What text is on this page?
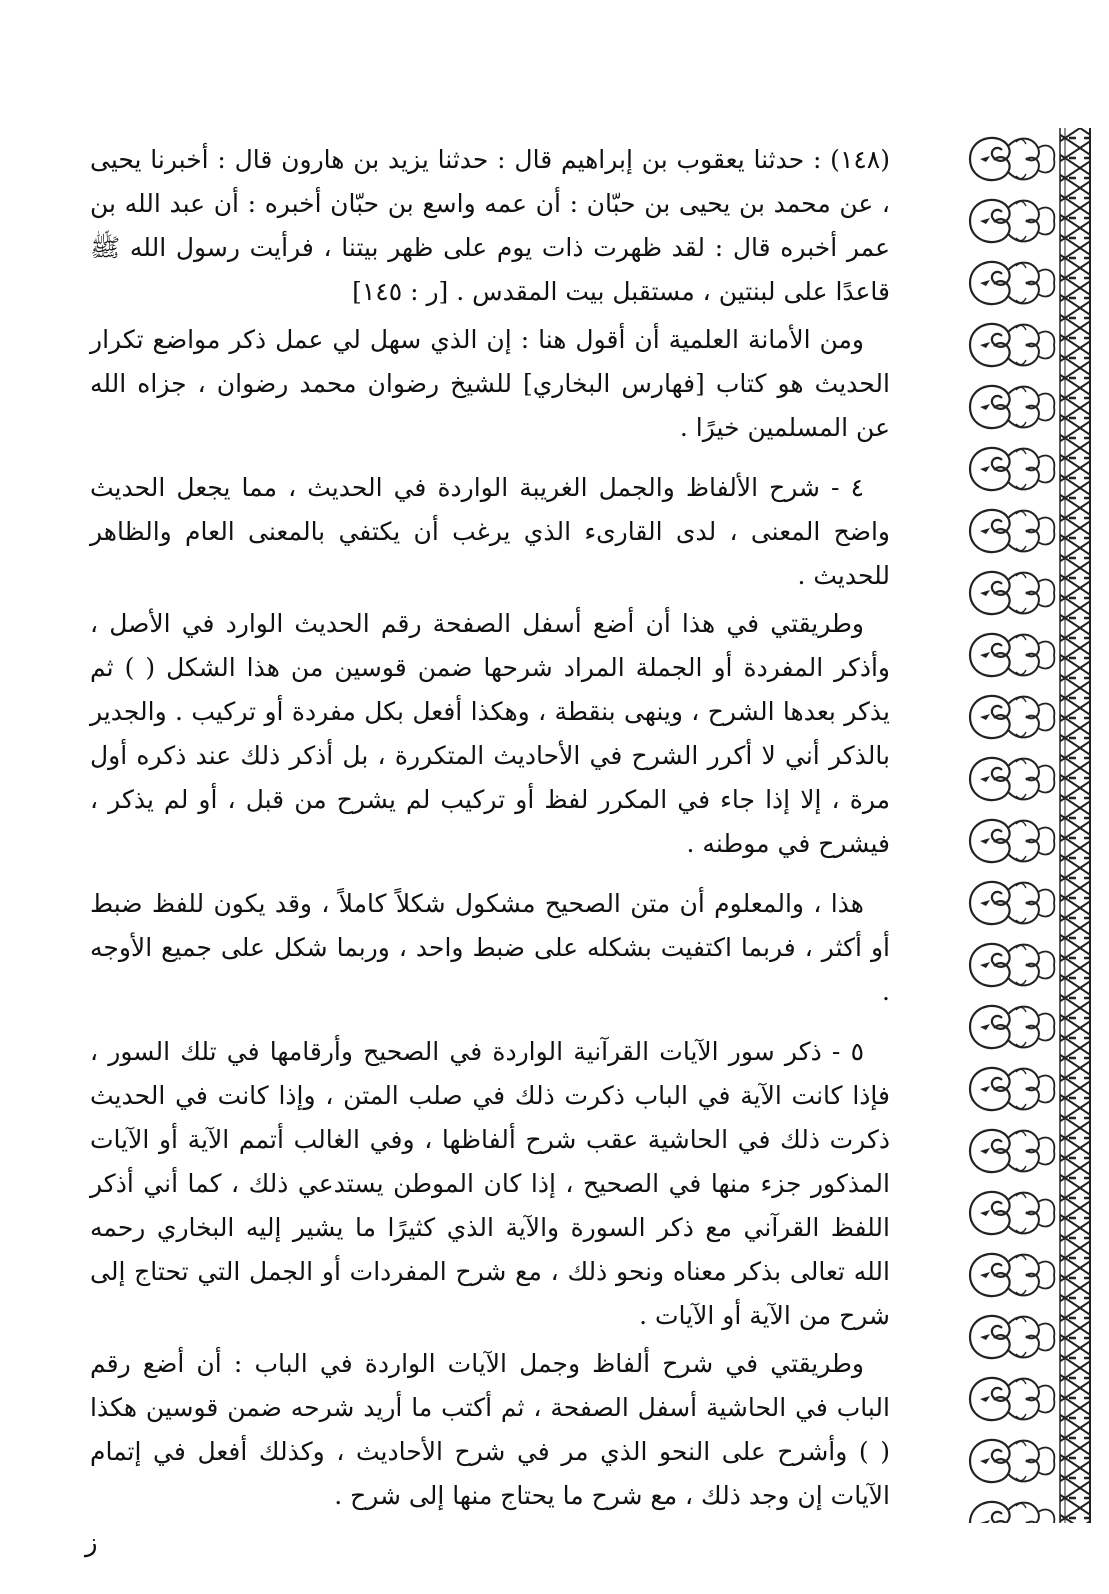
(١٤٨) : حدثنا يعقوب بن إبراهيم قال : حدثنا يزيد بن هارون قال : أخبرنا يحيى ، عن محمد بن يحيى بن حبّان : أن عمه واسع بن حبّان أخبره : أن عبد الله بن عمر أخبره قال : لقد ظهرت ذات يوم على ظهر بيتنا ، فرأيت رسول الله ﷺ قاعدًا على لبنتين ، مستقبل بيت المقدس . [ر : ١٤٥]

ومن الأمانة العلمية أن أقول هنا : إن الذي سهل لي عمل ذكر مواضع تكرار الحديث هو كتاب [فهارس البخاري] للشيخ رضوان محمد رضوان ، جزاه الله عن المسلمين خيرًا .

٤ - شرح الألفاظ والجمل الغريبة الواردة في الحديث ، مما يجعل الحديث واضح المعنى ، لدى القارىء الذي يرغب أن يكتفي بالمعنى العام والظاهر للحديث .

وطريقتي في هذا أن أضع أسفل الصفحة رقم الحديث الوارد في الأصل ، وأذكر المفردة أو الجملة المراد شرحها ضمن قوسين من هذا الشكل ( ) ثم يذكر بعدها الشرح ، وينهى بنقطة ، وهكذا أفعل بكل مفردة أو تركيب . والجدير بالذكر أني لا أكرر الشرح في الأحاديث المتكررة ، بل أذكر ذلك عند ذكره أول مرة ، إلا إذا جاء في المكرر لفظ أو تركيب لم يشرح من قبل ، أو لم يذكر ، فيشرح في موطنه .

هذا ، والمعلوم أن متن الصحيح مشكول شكلاً كاملاً ، وقد يكون للفظ ضبط أو أكثر ، فربما اكتفيت بشكله على ضبط واحد ، وربما شكل على جميع الأوجه .

٥ - ذكر سور الآيات القرآنية الواردة في الصحيح وأرقامها في تلك السور ، فإذا كانت الآية في الباب ذكرت ذلك في صلب المتن ، وإذا كانت في الحديث ذكرت ذلك في الحاشية عقب شرح ألفاظها ، وفي الغالب أتمم الآية أو الآيات المذكور جزء منها في الصحيح ، إذا كان الموطن يستدعي ذلك ، كما أني أذكر اللفظ القرآني مع ذكر السورة والآية الذي كثيرًا ما يشير إليه البخاري رحمه الله تعالى بذكر معناه ونحو ذلك ، مع شرح المفردات أو الجمل التي تحتاج إلى شرح من الآية أو الآيات .

وطريقتي في شرح ألفاظ وجمل الآيات الواردة في الباب : أن أضع رقم الباب في الحاشية أسفل الصفحة ، ثم أكتب ما أريد شرحه ضمن قوسين هكذا ( ) وأشرح على النحو الذي مر في شرح الأحاديث ، وكذلك أفعل في إتمام الآيات إن وجد ذلك ، مع شرح ما يحتاج منها إلى شرح .

ز
